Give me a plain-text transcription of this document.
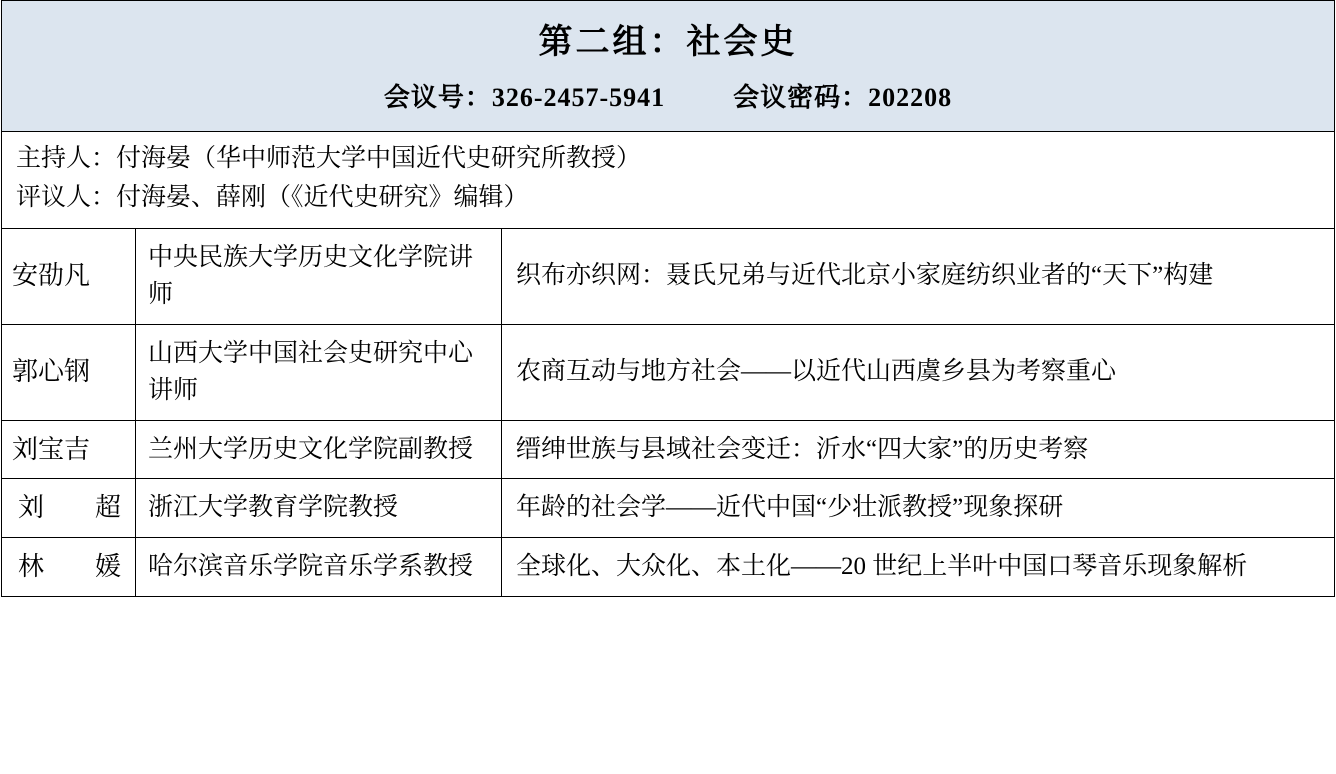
第二组：社会史
会议号：326-2457-5941 会议密码：202208		

主持人：付海晏（华中师范大学中国近代史研究所教授）
评议人：付海晏、薛刚（《近代史研究》编辑）		

安劭凡	中央民族大学历史文化学院讲师	织布亦织网：聂氏兄弟与近代北京小家庭纺织业者的“天下”构建

郭心钢	山西大学中国社会史研究中心讲师	农商互动与地方社会——以近代山西虞乡县为考察重心

刘宝吉	兰州大学历史文化学院副教授	缙绅世族与县域社会变迁：沂水“四大家”的历史考察

刘 超	浙江大学教育学院教授	年龄的社会学——近代中国“少壮派教授”现象探研

林 媛	哈尔滨音乐学院音乐学系教授	全球化、大众化、本土化——20 世纪上半叶中国口琴音乐现象解析
